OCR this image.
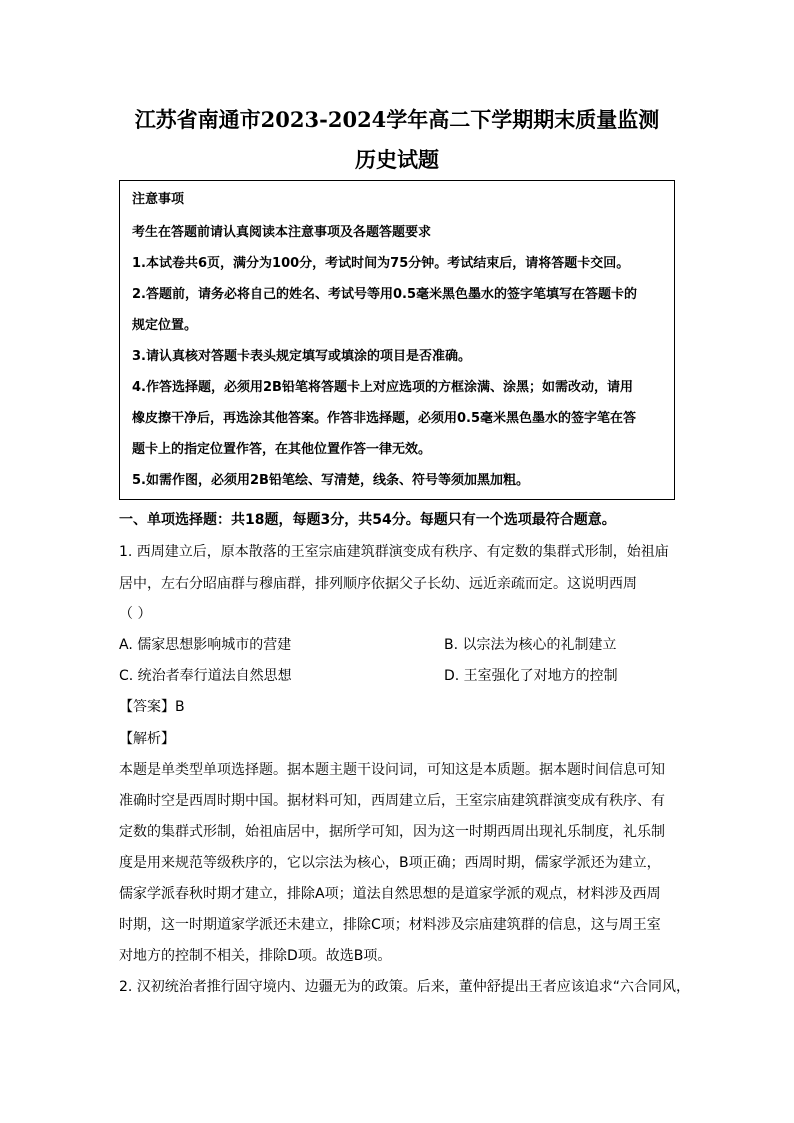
江苏省南通市2023-2024学年高二下学期期末质量监测
历史试题
注意事项
考生在答题前请认真阅读本注意事项及各题答题要求
1.本试卷共6页，满分为100分，考试时间为75分钟。考试结束后，请将答题卡交回。
2.答题前，请务必将自己的姓名、考试号等用0.5毫米黑色墨水的签字笔填写在答题卡的
规定位置。
3.请认真核对答题卡表头规定填写或填涂的项目是否准确。
4.作答选择题，必须用2B铅笔将答题卡上对应选项的方框涂满、涂黑；如需改动，请用
橡皮擦干净后，再选涂其他答案。作答非选择题，必须用0.5毫米黑色墨水的签字笔在答
题卡上的指定位置作答，在其他位置作答一律无效。
5.如需作图，必须用2B铅笔绘、写清楚，线条、符号等须加黑加粗。
一、单项选择题：共18题，每题3分，共54分。每题只有一个选项最符合题意。
1. 西周建立后，原本散落的王室宗庙建筑群演变成有秩序、有定数的集群式形制，始祖庙
居中，左右分昭庙群与穆庙群，排列顺序依据父子长幼、远近亲疏而定。这说明西周
（ ）
A. 儒家思想影响城市的营建	B. 以宗法为核心的礼制建立
C. 统治者奉行道法自然思想	D. 王室强化了对地方的控制
【答案】B
【解析】
本题是单类型单项选择题。据本题主题干设问词，可知这是本质题。据本题时间信息可知
准确时空是西周时期中国。据材料可知，西周建立后，王室宗庙建筑群演变成有秩序、有
定数的集群式形制，始祖庙居中，据所学可知，因为这一时期西周出现礼乐制度，礼乐制
度是用来规范等级秩序的，它以宗法为核心，B项正确；西周时期，儒家学派还为建立，
儒家学派春秋时期才建立，排除A项；道法自然思想的是道家学派的观点，材料涉及西周
时期，这一时期道家学派还未建立，排除C项；材料涉及宗庙建筑群的信息，这与周王室
对地方的控制不相关，排除D项。故选B项。
2. 汉初统治者推行固守境内、边疆无为的政策。后来，董仲舒提出王者应该追求“六合同风，
